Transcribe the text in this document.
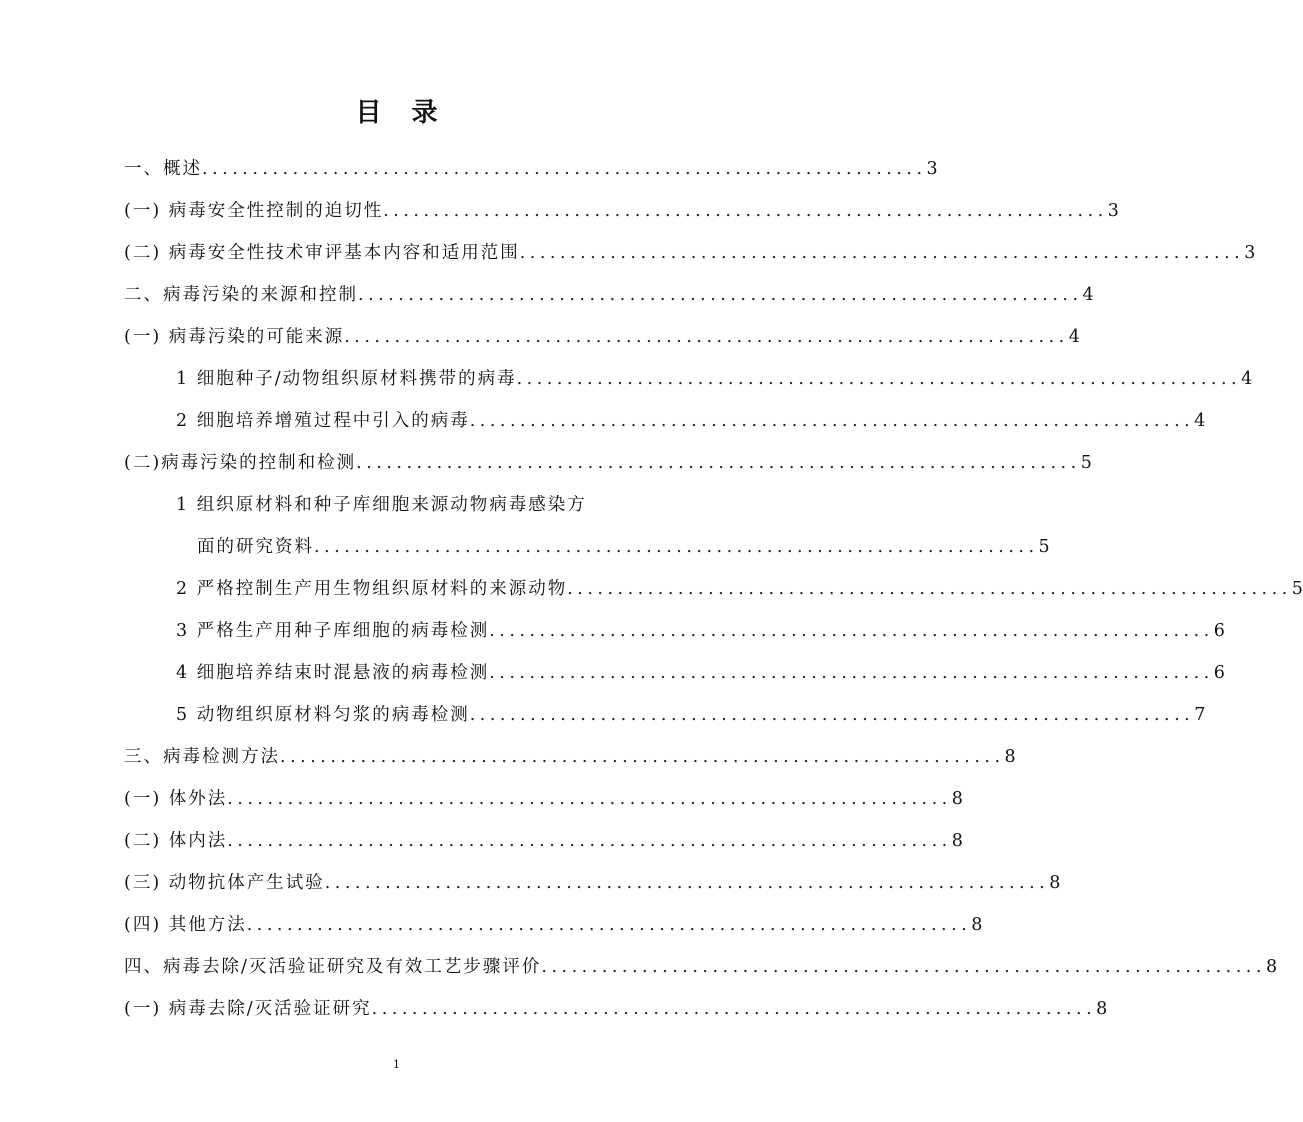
目录
一、概述 ........................................................................ 3
(一) 病毒安全性控制的迫切性 ........................................................................ 3
(二) 病毒安全性技术审评基本内容和适用范围 ........................................................................ 3
二、病毒污染的来源和控制 ........................................................................ 4
(一) 病毒污染的可能来源 ........................................................................ 4
1 细胞种子/动物组织原材料携带的病毒 ........................................................................ 4
2 细胞培养增殖过程中引入的病毒 ........................................................................ 4
(二)病毒污染的控制和检测 ........................................................................ 5
1 组织原材料和种子库细胞来源动物病毒感染方
面的研究资料 ........................................................................ 5
2 严格控制生产用生物组织原材料的来源动物 ........................................................................ 5
3 严格生产用种子库细胞的病毒检测 ........................................................................ 6
4 细胞培养结束时混悬液的病毒检测 ........................................................................ 6
5 动物组织原材料匀浆的病毒检测 ........................................................................ 7
三、病毒检测方法 ........................................................................ 8
(一) 体外法 ........................................................................ 8
(二) 体内法 ........................................................................ 8
(三) 动物抗体产生试验 ........................................................................ 8
(四) 其他方法 ........................................................................ 8
四、病毒去除/灭活验证研究及有效工艺步骤评价 ........................................................................ 8
(一) 病毒去除/灭活验证研究 ........................................................................ 8
1
